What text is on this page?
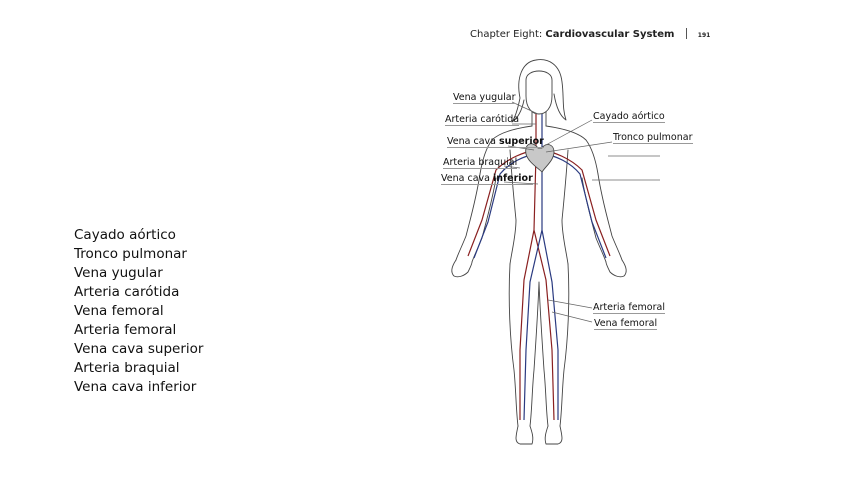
Cayado aórtico
Tronco pulmonar
Vena yugular
Arteria carótida
Vena femoral
Arteria femoral
Vena cava superior
Arteria braquial
Vena cava inferior
Chapter Eight: Cardiovascular System	191
Vena yugular
Arteria carótida
Vena cava superior
Arteria braquial
Vena cava inferior
Cayado aórtico
Tronco pulmonar
Arteria femoral
Vena femoral
